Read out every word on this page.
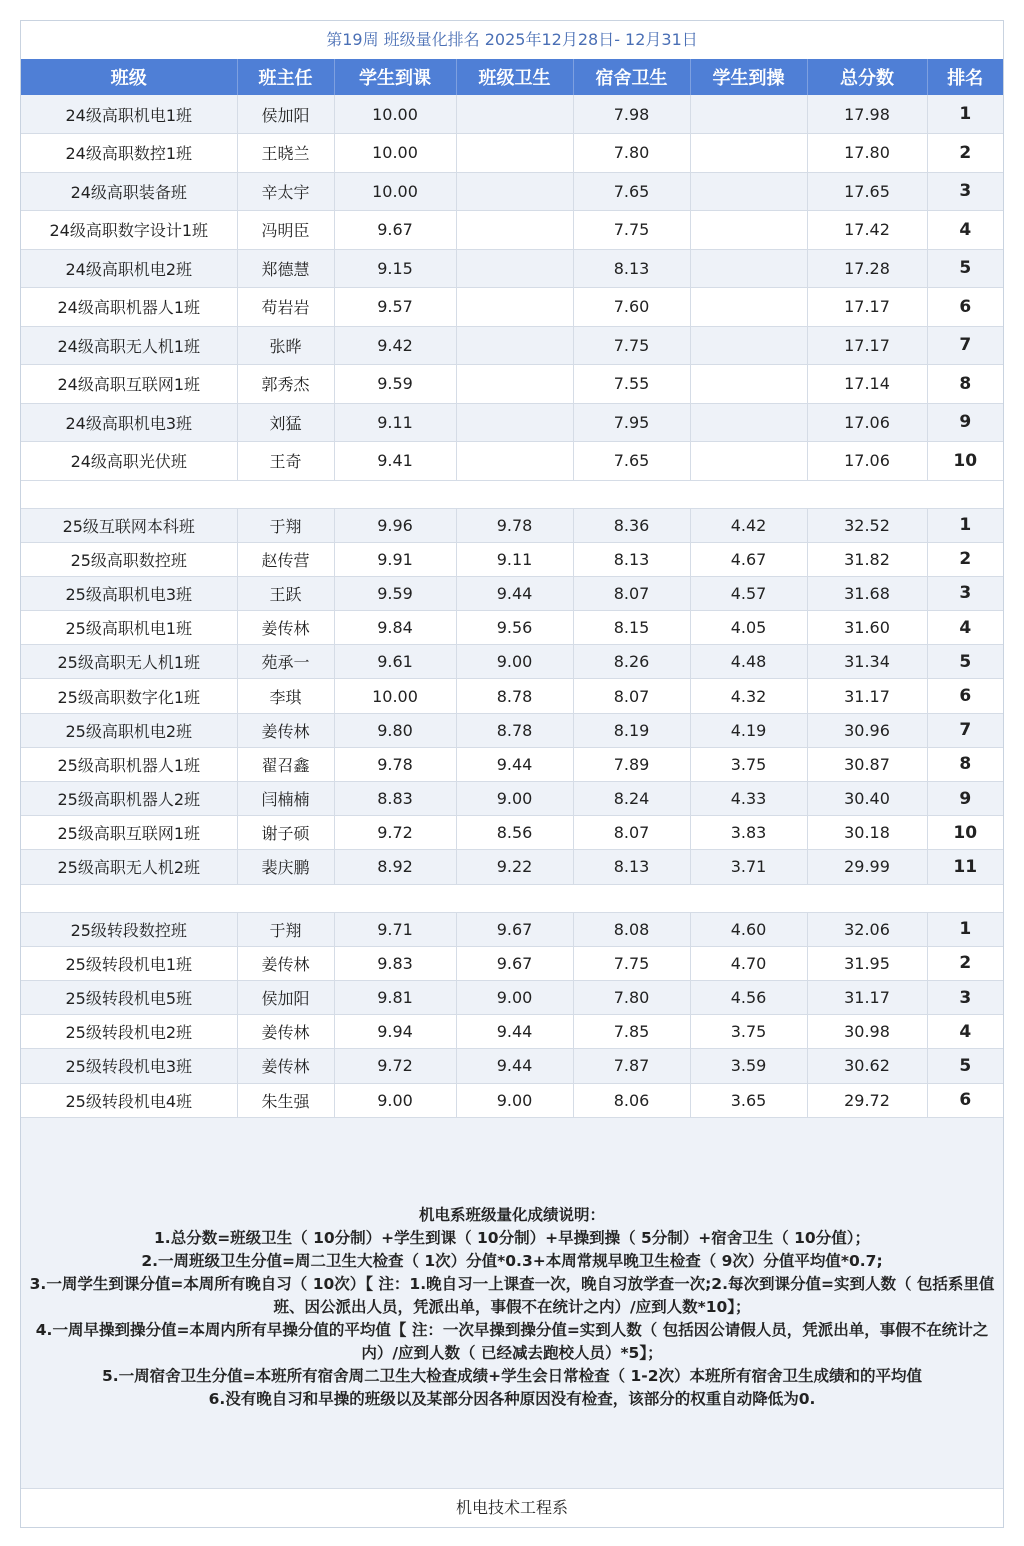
第19周 班级量化排名 2025年12月28日- 12月31日
班级	班主任	学生到课	班级卫生	宿舍卫生	学生到操	总分数	排名
24级高职机电1班	侯加阳	10.00		7.98		17.98	1
24级高职数控1班	王晓兰	10.00		7.80		17.80	2
24级高职装备班	辛太宇	10.00		7.65		17.65	3
24级高职数字设计1班	冯明臣	9.67		7.75		17.42	4
24级高职机电2班	郑德慧	9.15		8.13		17.28	5
24级高职机器人1班	苟岩岩	9.57		7.60		17.17	6
24级高职无人机1班	张晔	9.42		7.75		17.17	7
24级高职互联网1班	郭秀杰	9.59		7.55		17.14	8
24级高职机电3班	刘猛	9.11		7.95		17.06	9
24级高职光伏班	王奇	9.41		7.65		17.06	10

25级互联网本科班	于翔	9.96	9.78	8.36	4.42	32.52	1
25级高职数控班	赵传营	9.91	9.11	8.13	4.67	31.82	2
25级高职机电3班	王跃	9.59	9.44	8.07	4.57	31.68	3
25级高职机电1班	姜传林	9.84	9.56	8.15	4.05	31.60	4
25级高职无人机1班	苑承一	9.61	9.00	8.26	4.48	31.34	5
25级高职数字化1班	李琪	10.00	8.78	8.07	4.32	31.17	6
25级高职机电2班	姜传林	9.80	8.78	8.19	4.19	30.96	7
25级高职机器人1班	翟召鑫	9.78	9.44	7.89	3.75	30.87	8
25级高职机器人2班	闫楠楠	8.83	9.00	8.24	4.33	30.40	9
25级高职互联网1班	谢子硕	9.72	8.56	8.07	3.83	30.18	10
25级高职无人机2班	裴庆鹏	8.92	9.22	8.13	3.71	29.99	11

25级转段数控班	于翔	9.71	9.67	8.08	4.60	32.06	1
25级转段机电1班	姜传林	9.83	9.67	7.75	4.70	31.95	2
25级转段机电5班	侯加阳	9.81	9.00	7.80	4.56	31.17	3
25级转段机电2班	姜传林	9.94	9.44	7.85	3.75	30.98	4
25级转段机电3班	姜传林	9.72	9.44	7.87	3.59	30.62	5
25级转段机电4班	朱生强	9.00	9.00	8.06	3.65	29.72	6
机电系班级量化成绩说明：
1.总分数=班级卫生（ 10分制）+学生到课（ 10分制）+早操到操（ 5分制）+宿舍卫生（ 10分值）；
2.一周班级卫生分值=周二卫生大检查（ 1次）分值*0.3+本周常规早晚卫生检查（ 9次）分值平均值*0.7;
3.一周学生到课分值=本周所有晚自习（ 10次）【 注：1.晚自习一上课查一次，晚自习放学查一次;2.每次到课分值=实到人数（ 包括系里值班、因公派出人员，凭派出单，事假不在统计之内）/应到人数*10】；
4.一周早操到操分值=本周内所有早操分值的平均值【 注：一次早操到操分值=实到人数（ 包括因公请假人员，凭派出单，事假不在统计之内）/应到人数（ 已经减去跑校人员）*5】；
5.一周宿舍卫生分值=本班所有宿舍周二卫生大检查成绩+学生会日常检查（ 1-2次）本班所有宿舍卫生成绩和的平均值
6.没有晚自习和早操的班级以及某部分因各种原因没有检查，该部分的权重自动降低为0.
机电技术工程系
